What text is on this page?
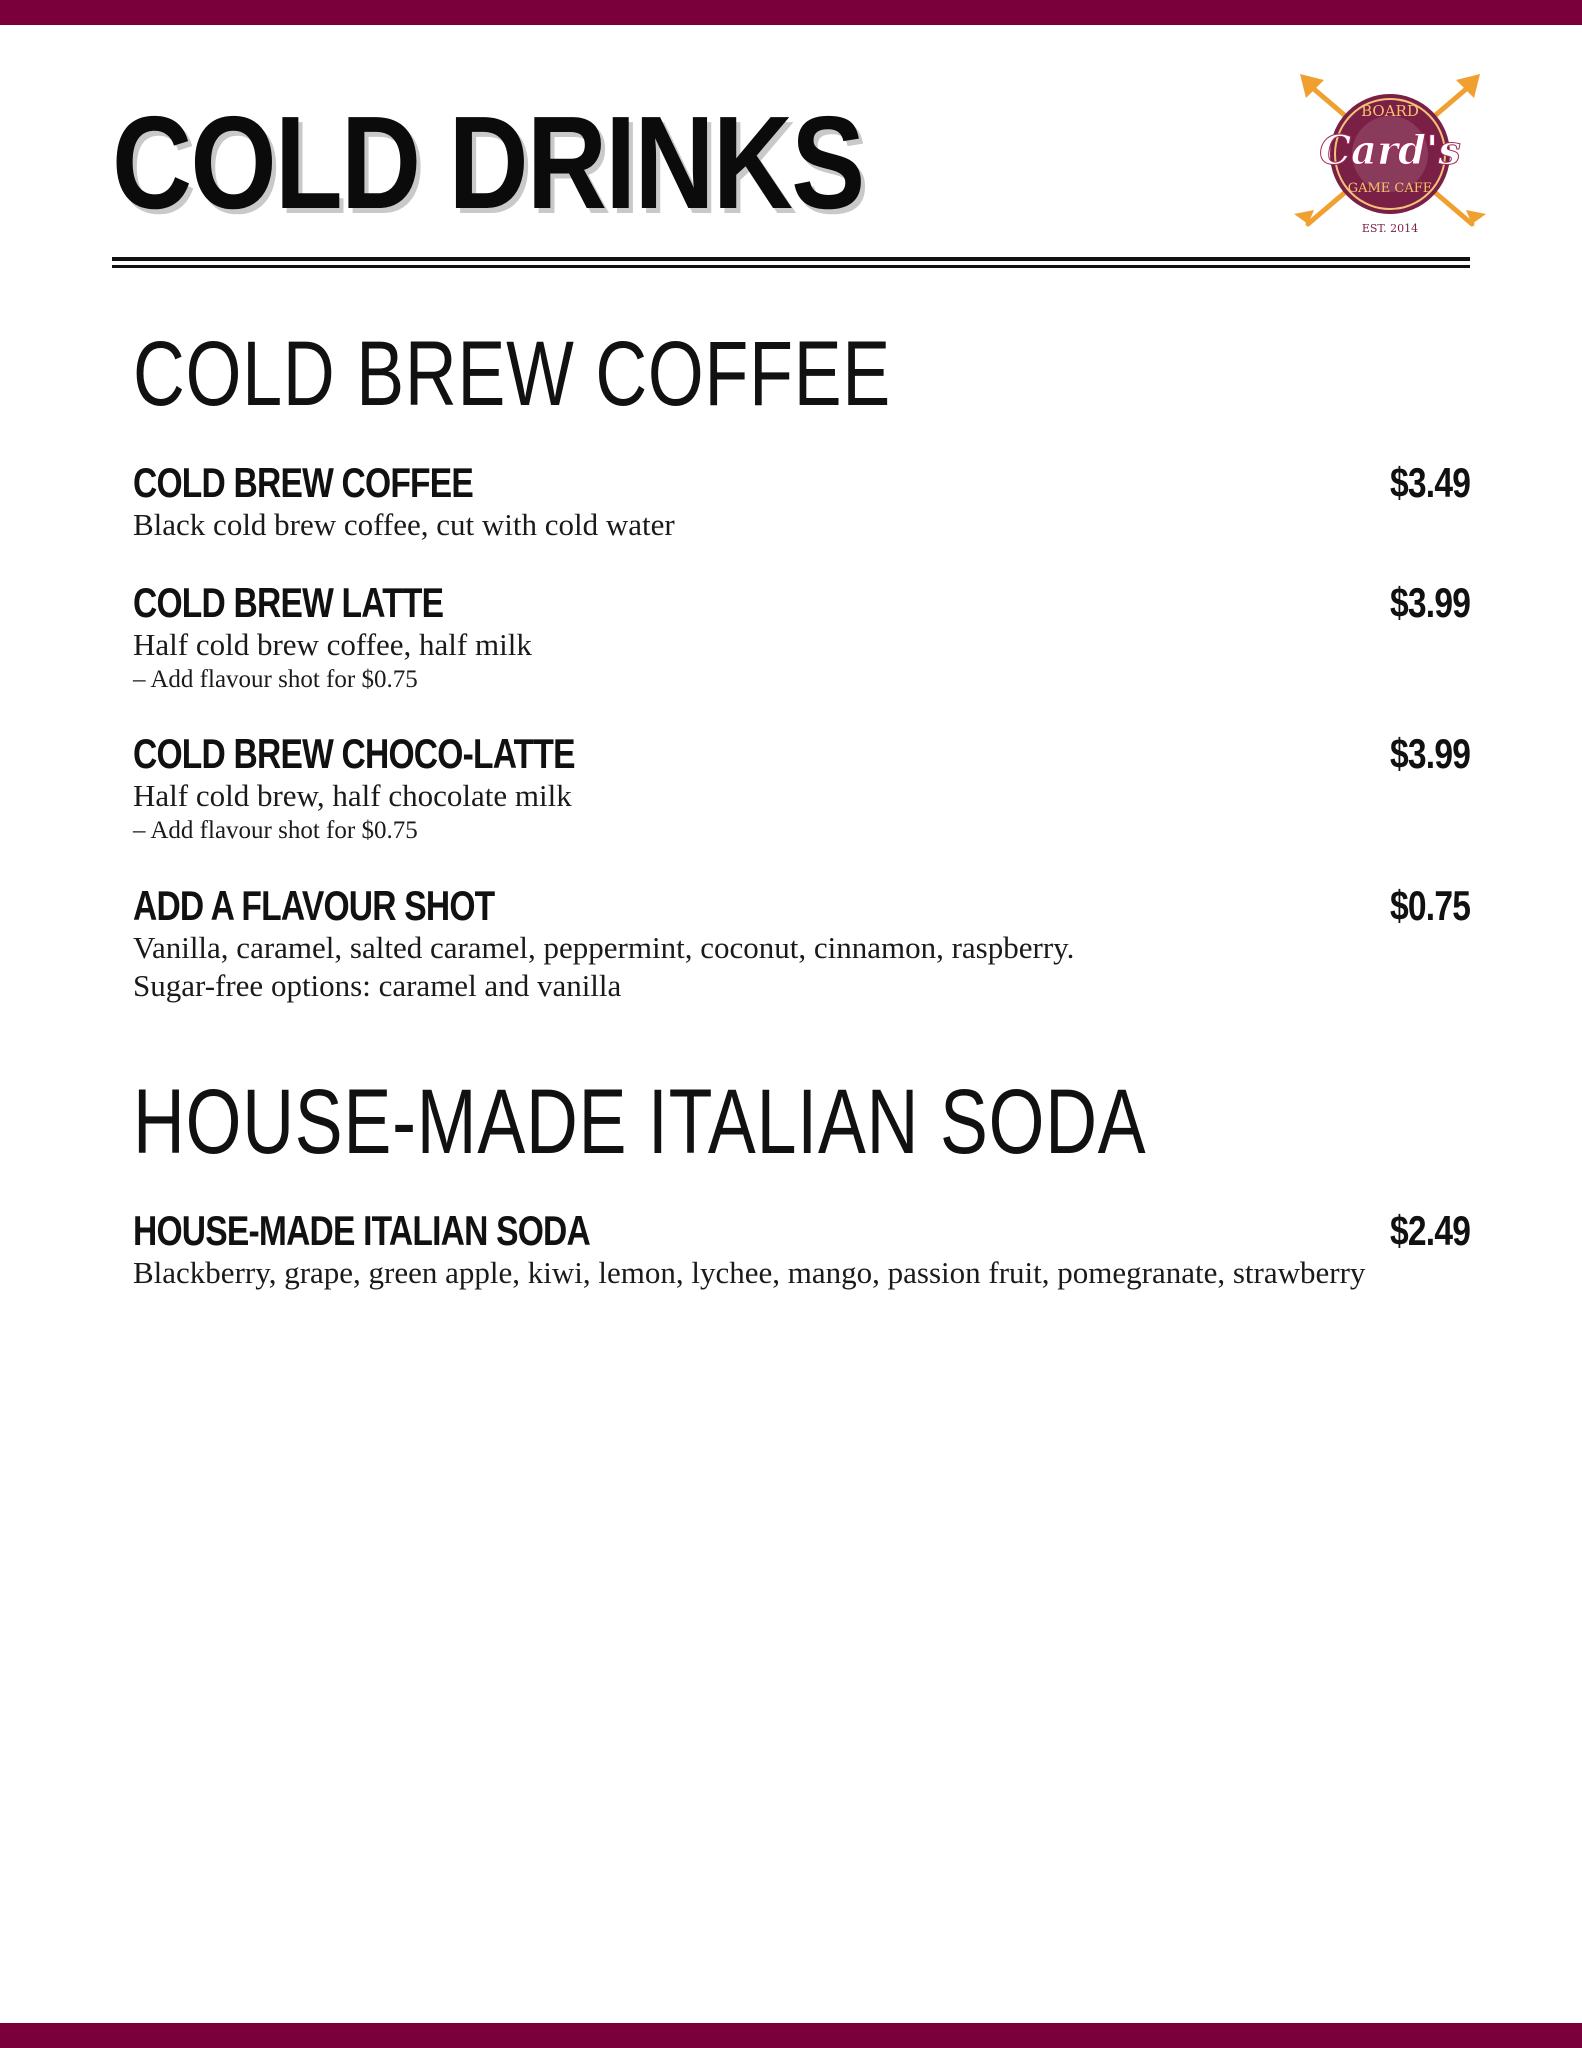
COLD DRINKS	BOARD
Card's
GAME CAFE
EST. 2014
COLD BREW COFFEE
COLD BREW COFFEE	$3.49
Black cold brew coffee, cut with cold water
COLD BREW LATTE	$3.99
Half cold brew coffee, half milk
– Add flavour shot for $0.75
COLD BREW CHOCO-LATTE	$3.99
Half cold brew, half chocolate milk
– Add flavour shot for $0.75
ADD A FLAVOUR SHOT	$0.75
Vanilla, caramel, salted caramel, peppermint, coconut, cinnamon, raspberry.
Sugar-free options: caramel and vanilla
HOUSE-MADE ITALIAN SODA
HOUSE-MADE ITALIAN SODA	$2.49
Blackberry, grape, green apple, kiwi, lemon, lychee, mango, passion fruit, pomegranate, strawberry
